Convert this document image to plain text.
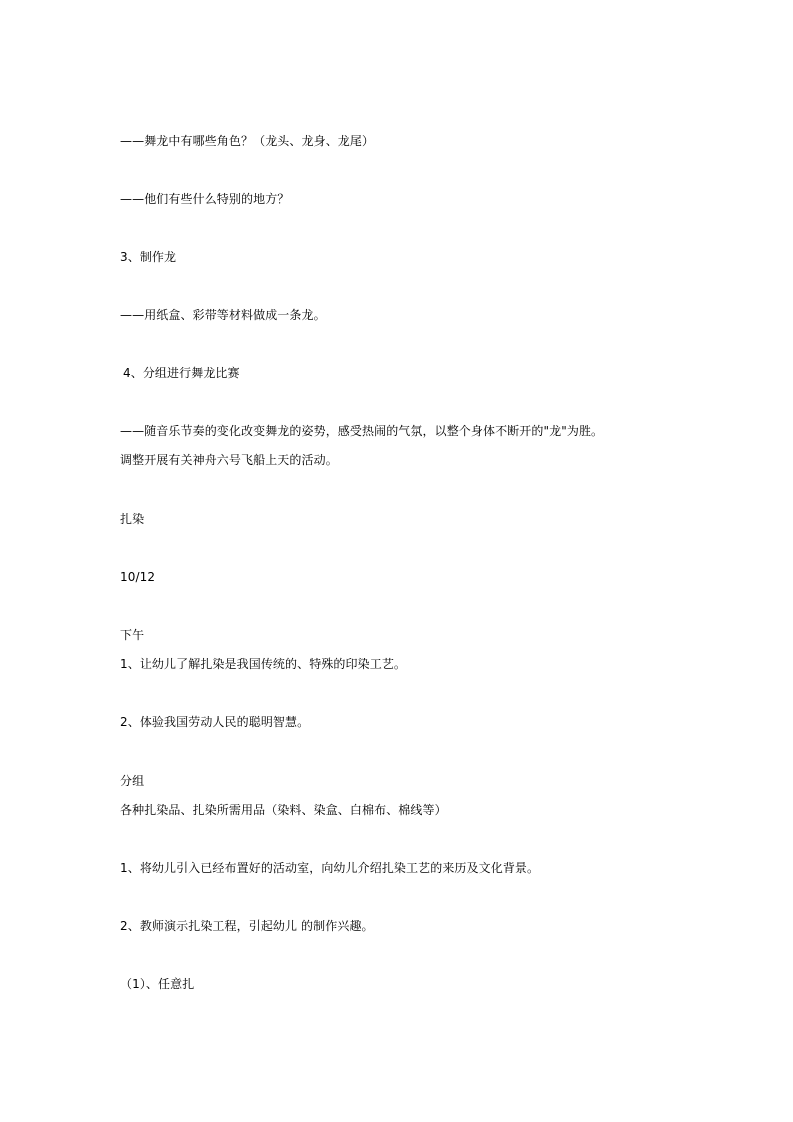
——舞龙中有哪些角色？（龙头、龙身、龙尾）
——他们有些什么特别的地方？
3、制作龙
——用纸盒、彩带等材料做成一条龙。
4、分组进行舞龙比赛
——随音乐节奏的变化改变舞龙的姿势，感受热闹的气氛，以整个身体不断开的"龙"为胜。
调整开展有关神舟六号飞船上天的活动。
扎染
10/12
下午
1、让幼儿了解扎染是我国传统的、特殊的印染工艺。
2、体验我国劳动人民的聪明智慧。
分组
各种扎染品、扎染所需用品（染料、染盒、白棉布、棉线等）
1、将幼儿引入已经布置好的活动室，向幼儿介绍扎染工艺的来历及文化背景。
2、教师演示扎染工程，引起幼儿 的制作兴趣。
（1）、任意扎
